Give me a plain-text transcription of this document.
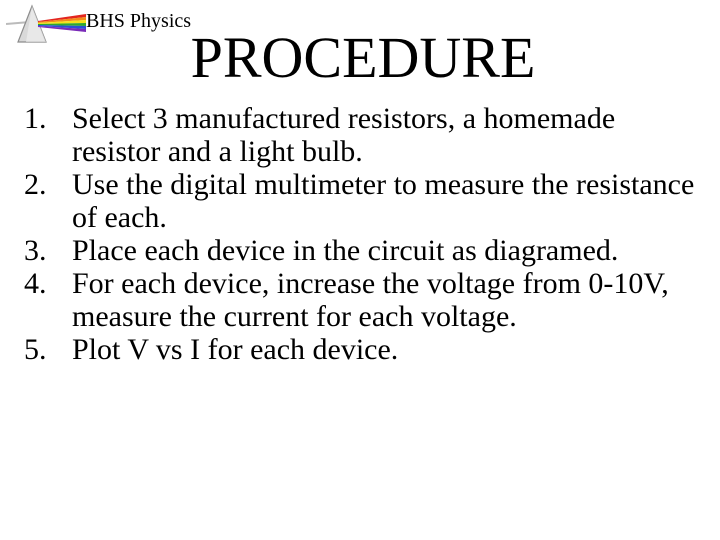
BHS Physics
PROCEDURE
1. Select 3 manufactured resistors, a homemade resistor and a light bulb.
2. Use the digital multimeter to measure the resistance of each.
3. Place each device in the circuit as diagramed.
4. For each device, increase the voltage from 0-10V, measure the current for each voltage.
5. Plot V vs I for each device.
